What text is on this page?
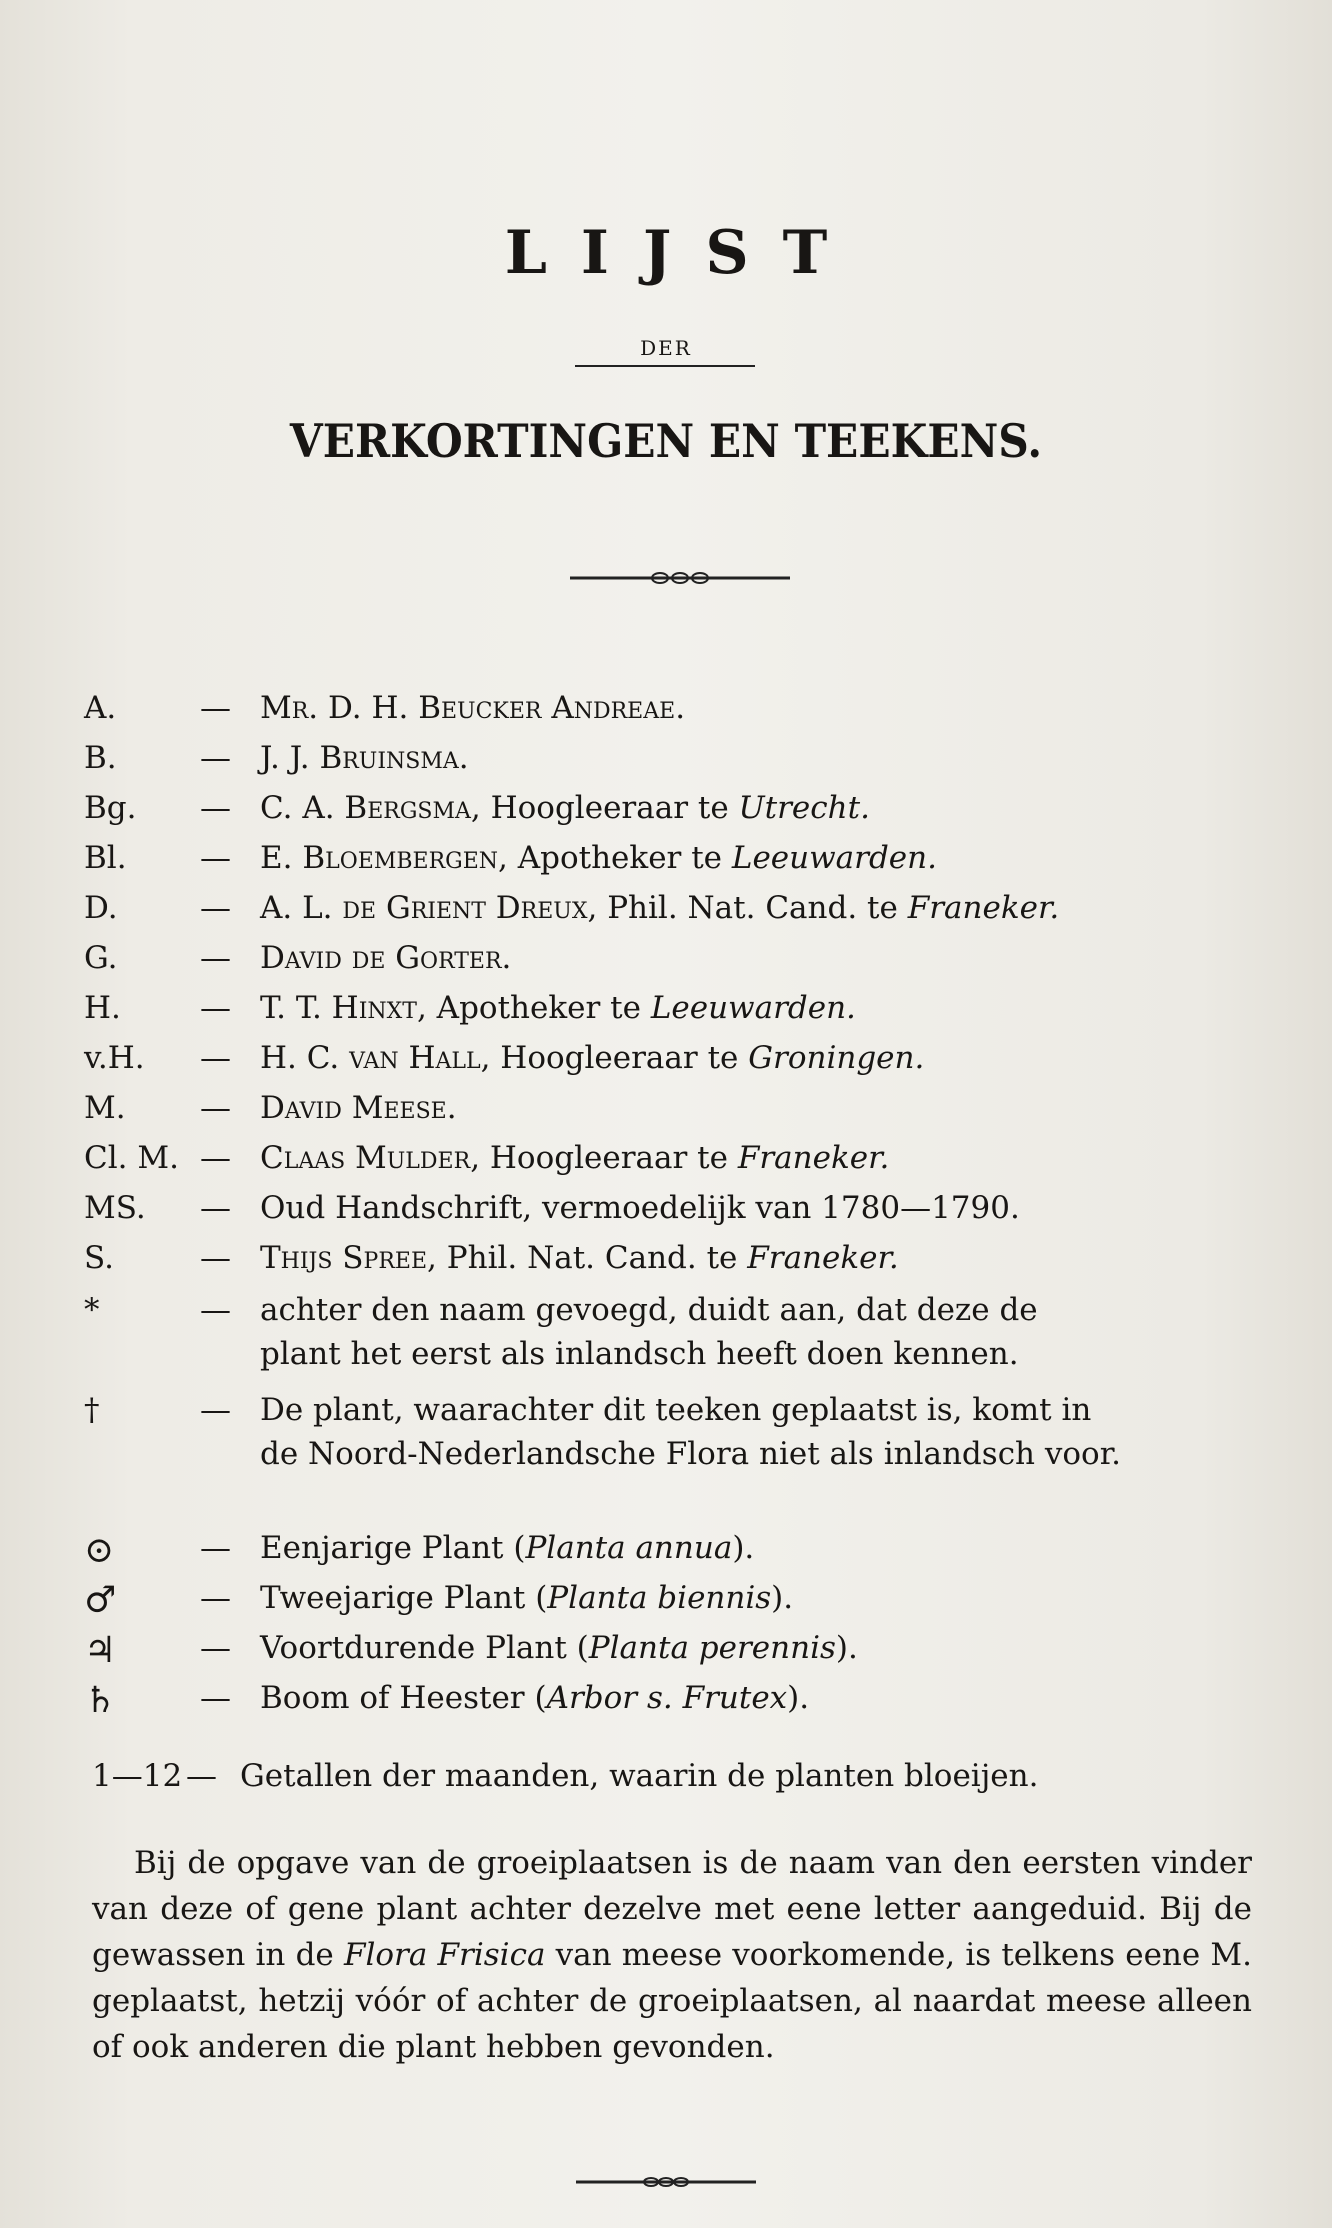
LIJST
DER
VERKORTINGEN EN TEEKENS.
A.	— Mr. D. H. Beucker Andreae.
B.	— J. J. Bruinsma.
Bg. — C. A. Bergsma, Hoogleeraar te Utrecht.
Bl. — E. Bloembergen, Apotheker te Leeuwarden.
D.	— A. L. de Grient Dreux, Phil. Nat. Cand. te Franeker.
G.	— David de Gorter.
H.	— T. T. Hinxt, Apotheker te Leeuwarden.
v.H. — H. C. van Hall, Hoogleeraar te Groningen.
M. — David Meese.
Cl. M. — Claas Mulder, Hoogleeraar te Franeker.
MS. — Oud Handschrift, vermoedelijk van 1780—1790.
S.	— Thijs Spree, Phil. Nat. Cand. te Franeker.
*	— achter den naam gevoegd, duidt aan, dat deze de
plant het eerst als inlandsch heeft doen kennen.
†	— De plant, waarachter dit teeken geplaatst is, komt in
de Noord-Nederlandsche Flora niet als inlandsch voor.
⊙	— Eenjarige Plant (Planta annua).
♂	— Tweejarige Plant (Planta biennis).
♃	— Voortdurende Plant (Planta perennis).
♄	— Boom of Heester (Arbor s. Frutex).
1—12 — Getallen der maanden, waarin de planten bloeijen.
Bij de opgave van de groeiplaatsen is de naam van den eersten vinder van deze of gene plant achter dezelve met eene letter aangeduid. Bij de gewassen in de Flora Frisica van meese voorkomende, is telkens eene M. geplaatst, hetzij vóór of achter de groeiplaatsen, al naardat meese alleen of ook anderen die plant hebben gevonden.
